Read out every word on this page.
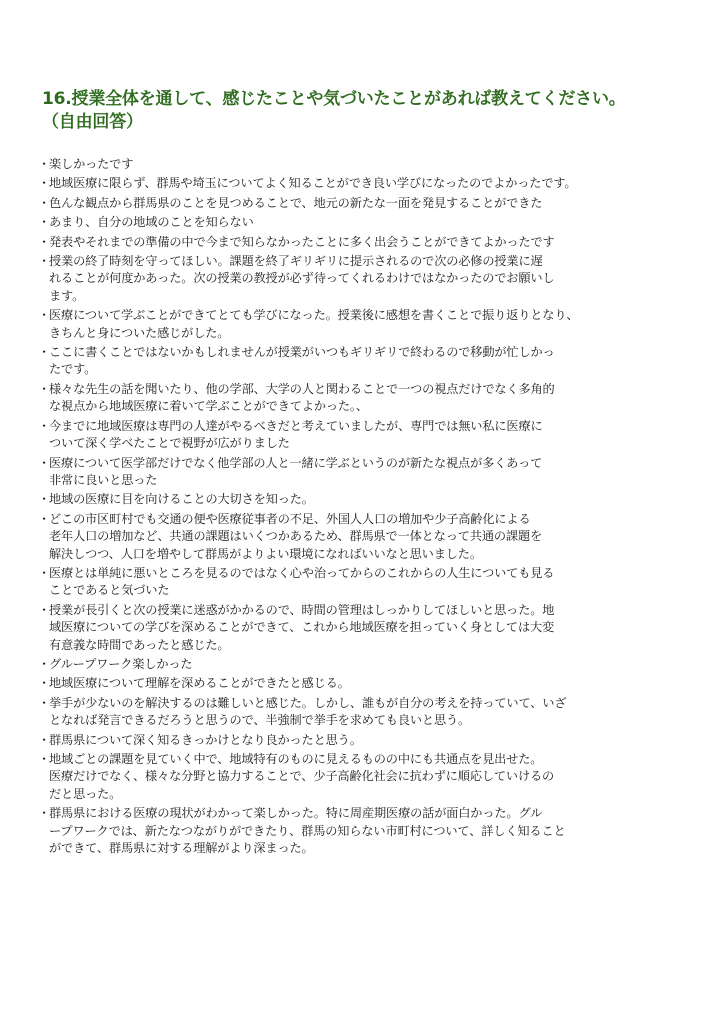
16.授業全体を通して、感じたことや気づいたことがあれば教えてください。
（自由回答）
・
楽しかったです
・
地域医療に限らず、群馬や埼玉についてよく知ることができ良い学びになったのでよかったです。
・
色んな観点から群馬県のことを見つめることで、地元の新たな一面を発見することができた
・
あまり、自分の地域のことを知らない
・
発表やそれまでの準備の中で今まで知らなかったことに多く出会うことができてよかったです
・
授業の終了時刻を守ってほしい。課題を終了ギリギリに提示されるので次の必修の授業に遅
れることが何度かあった。次の授業の教授が必ず待ってくれるわけではなかったのでお願いし
ます。
・
医療について学ぶことができてとても学びになった。授業後に感想を書くことで振り返りとなり、
きちんと身についた感じがした。
・
ここに書くことではないかもしれませんが授業がいつもギリギリで終わるので移動が忙しかっ
たです。
・
様々な先生の話を聞いたり、他の学部、大学の人と関わることで一つの視点だけでなく多角的
な視点から地域医療に着いて学ぶことができてよかった。、
・
今までに地域医療は専門の人達がやるべきだと考えていましたが、専門では無い私に医療に
ついて深く学べたことで視野が広がりました
・
医療について医学部だけでなく他学部の人と一緒に学ぶというのが新たな視点が多くあって
非常に良いと思った
・
地域の医療に目を向けることの大切さを知った。
・
どこの市区町村でも交通の便や医療従事者の不足、外国人人口の増加や少子高齢化による
老年人口の増加など、共通の課題はいくつかあるため、群馬県で一体となって共通の課題を
解決しつつ、人口を増やして群馬がよりよい環境になればいいなと思いました。
・
医療とは単純に悪いところを見るのではなく心や治ってからのこれからの人生についても見る
ことであると気づいた
・
授業が長引くと次の授業に迷惑がかかるので、時間の管理はしっかりしてほしいと思った。地
域医療についての学びを深めることができて、これから地域医療を担っていく身としては大変
有意義な時間であったと感じた。
・
グループワーク楽しかった
・
地域医療について理解を深めることができたと感じる。
・
挙手が少ないのを解決するのは難しいと感じた。しかし、誰もが自分の考えを持っていて、いざ
となれば発言できるだろうと思うので、半強制で挙手を求めても良いと思う。
・
群馬県について深く知るきっかけとなり良かったと思う。
・
地域ごとの課題を見ていく中で、地域特有のものに見えるものの中にも共通点を見出せた。
医療だけでなく、様々な分野と協力することで、少子高齢化社会に抗わずに順応していけるの
だと思った。
・
群馬県における医療の現状がわかって楽しかった。特に周産期医療の話が面白かった。グル
ープワークでは、新たなつながりができたり、群馬の知らない市町村について、詳しく知ること
ができて、群馬県に対する理解がより深まった。
